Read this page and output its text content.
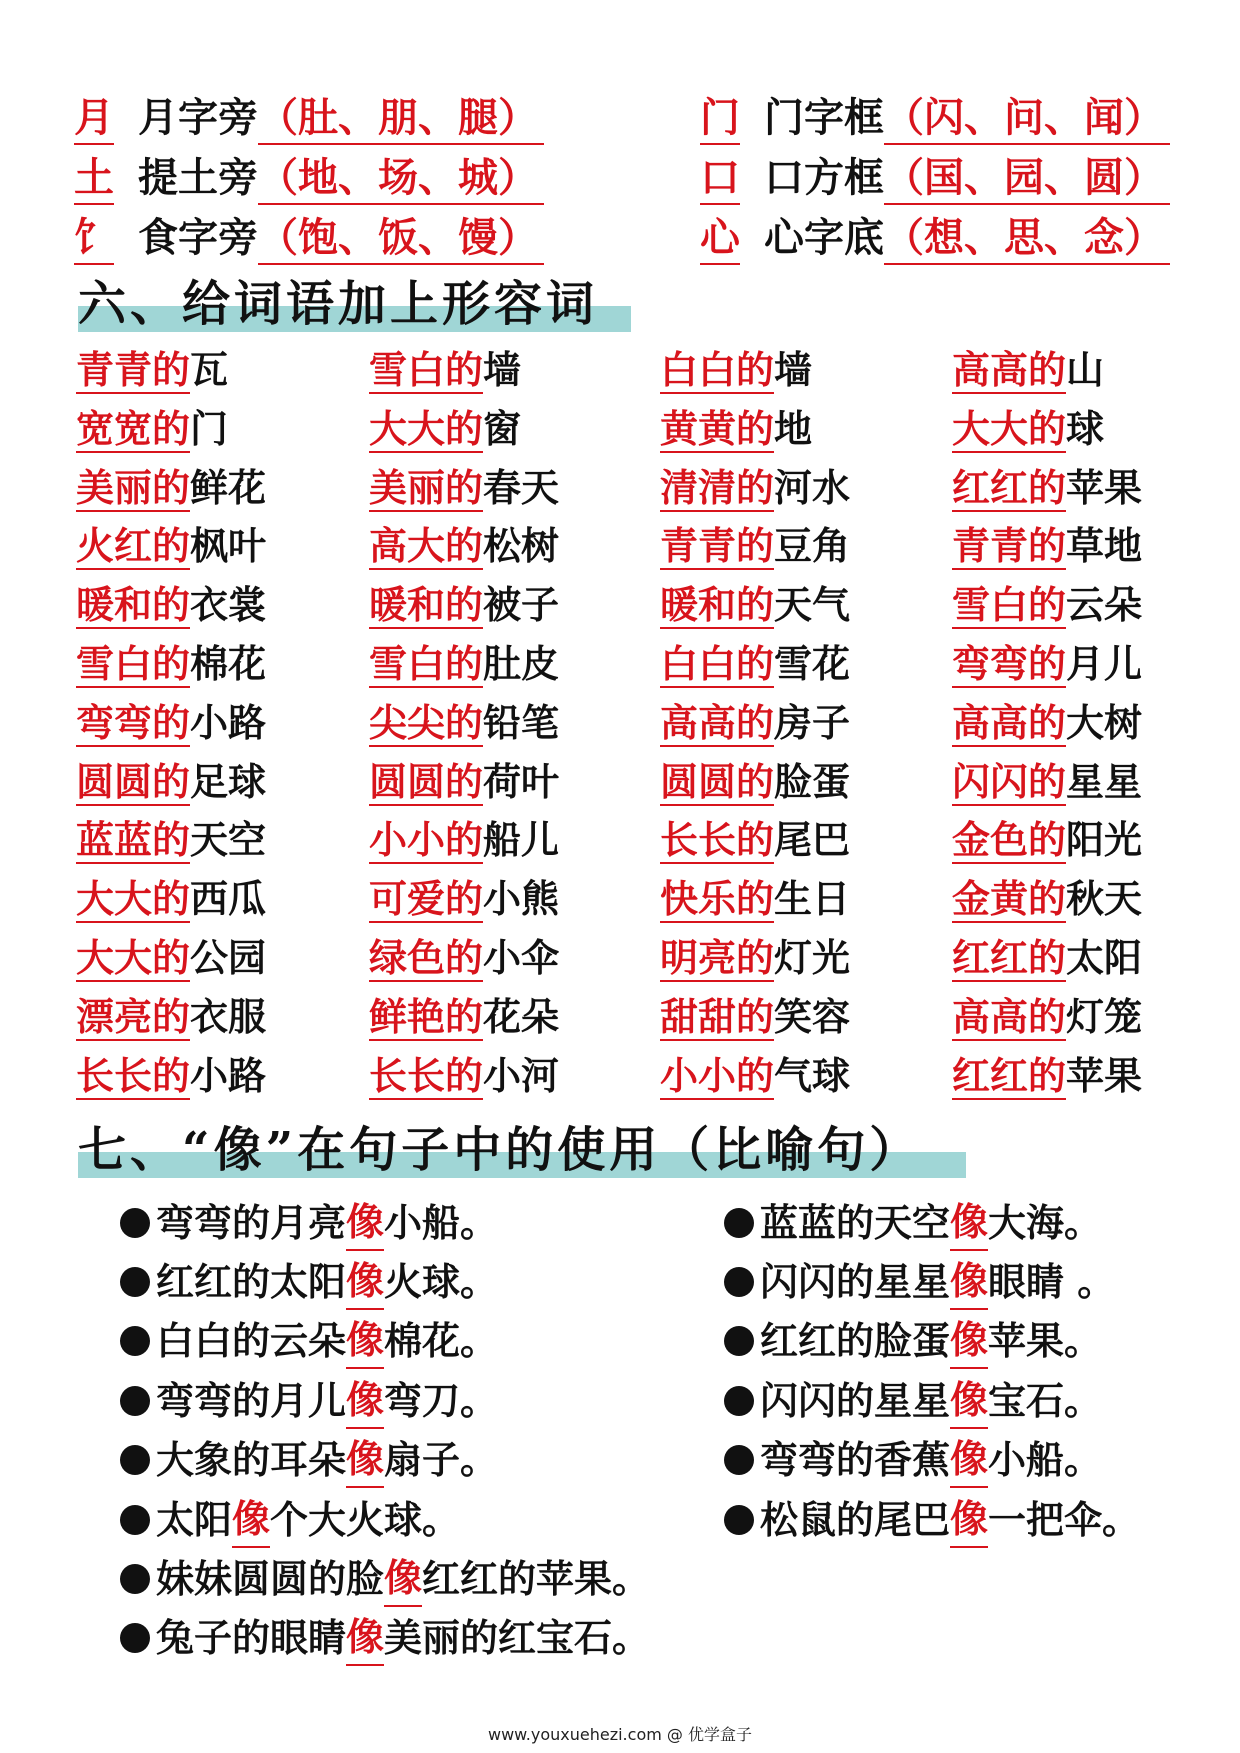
月 月字旁 （肚、朋、腿）	门 门字框 （闪、问、闻）
土 提土旁 （地、场、城）	口 口方框 （国、园、圆）
饣 食字旁 （饱、饭、馒）	心 心字底 （想、思、念）
六、给词语加上形容词
青青的瓦	雪白的墙	白白的墙	高高的山
宽宽的门	大大的窗	黄黄的地	大大的球
美丽的鲜花	美丽的春天	清清的河水	红红的苹果
火红的枫叶	高大的松树	青青的豆角	青青的草地
暖和的衣裳	暖和的被子	暖和的天气	雪白的云朵
雪白的棉花	雪白的肚皮	白白的雪花	弯弯的月儿
弯弯的小路	尖尖的铅笔	高高的房子	高高的大树
圆圆的足球	圆圆的荷叶	圆圆的脸蛋	闪闪的星星
蓝蓝的天空	小小的船儿	长长的尾巴	金色的阳光
大大的西瓜	可爱的小熊	快乐的生日	金黄的秋天
大大的公园	绿色的小伞	明亮的灯光	红红的太阳
漂亮的衣服	鲜艳的花朵	甜甜的笑容	高高的灯笼
长长的小路	长长的小河	小小的气球	红红的苹果
七、“像”在句子中的使用（比喻句）
弯弯的月亮 像 小船。
红红的太阳 像 火球。
白白的云朵 像 棉花。
弯弯的月儿 像 弯刀。
大象的耳朵 像 扇子。
太阳 像 个大火球。
妹妹圆圆的脸 像 红红的苹果。
兔子的眼睛 像 美丽的红宝石。
蓝蓝的天空 像 大海。
闪闪的星星 像 眼睛 。
红红的脸蛋 像 苹果。
闪闪的星星 像 宝石。
弯弯的香蕉 像 小船。
松鼠的尾巴 像 一把伞。
www.youxuehezi.com @ 优学盒子
